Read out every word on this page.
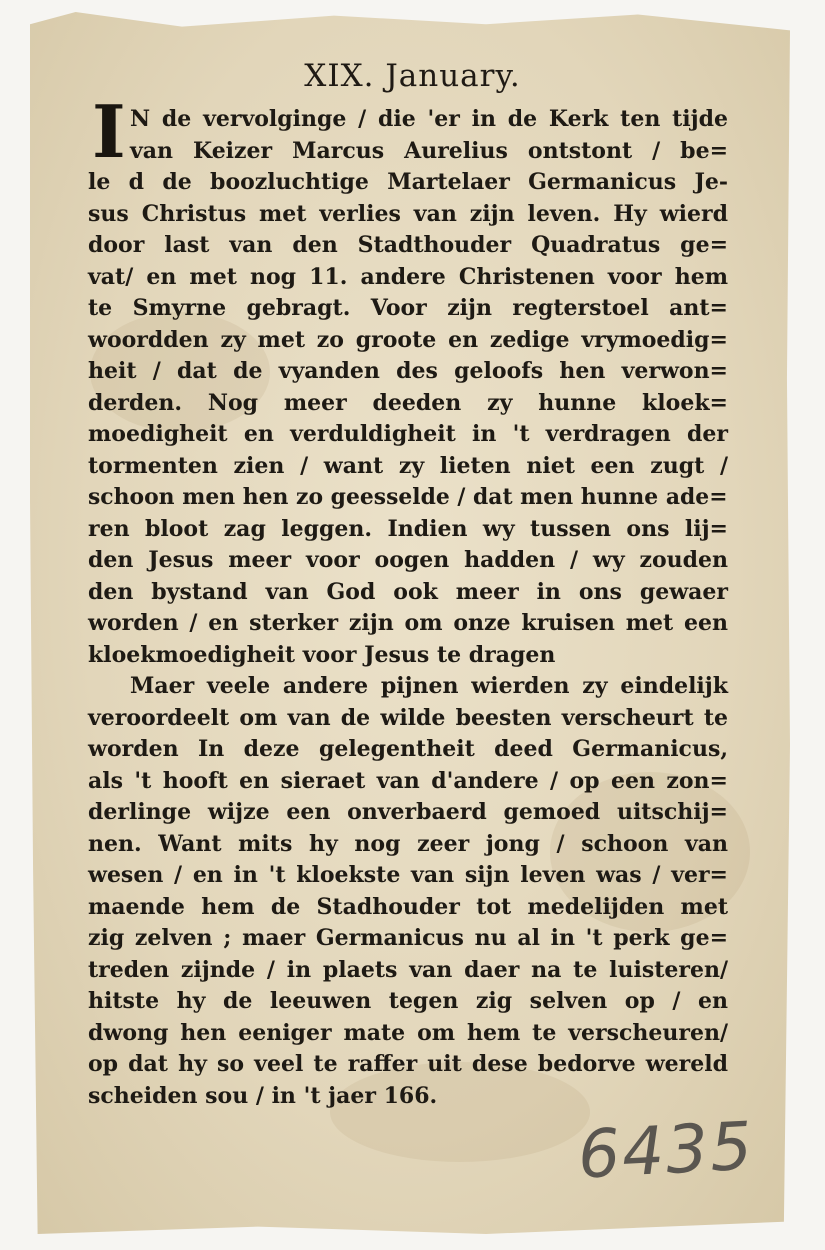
XIX. January.
I N de vervolginge / die 'er in de Kerk ten tijde
van Keizer Marcus Aurelius ontstont / be=
le d de boozluchtige Martelaer Germanicus Je-
sus Christus met verlies van zijn leven. Hy wierd
door last van den Stadthouder Quadratus ge=
vat/ en met nog 11. andere Christenen voor hem
te Smyrne gebragt. Voor zijn regterstoel ant=
woordden zy met zo groote en zedige vrymoedig=
heit / dat de vyanden des geloofs hen verwon=
derden. Nog meer deeden zy hunne kloek=
moedigheit en verduldigheit in 't verdragen der
tormenten zien / want zy lieten niet een zugt /
schoon men hen zo geesselde / dat men hunne ade=
ren bloot zag leggen. Indien wy tussen ons lij=
den Jesus meer voor oogen hadden / wy zouden
den bystand van God ook meer in ons gewaer
worden / en sterker zijn om onze kruisen met een
kloekmoedigheit voor Jesus te dragen
Maer veele andere pijnen wierden zy eindelijk
veroordeelt om van de wilde beesten verscheurt te
worden In deze gelegentheit deed Germanicus,
als 't hooft en sieraet van d'andere / op een zon=
derlinge wijze een onverbaerd gemoed uitschij=
nen. Want mits hy nog zeer jong / schoon van
wesen / en in 't kloekste van sijn leven was / ver=
maende hem de Stadhouder tot medelijden met
zig zelven ; maer Germanicus nu al in 't perk ge=
treden zijnde / in plaets van daer na te luisteren/
hitste hy de leeuwen tegen zig selven op / en
dwong hen eeniger mate om hem te verscheuren/
op dat hy so veel te raffer uit dese bedorve wereld
scheiden sou / in 't jaer 166.
6435
